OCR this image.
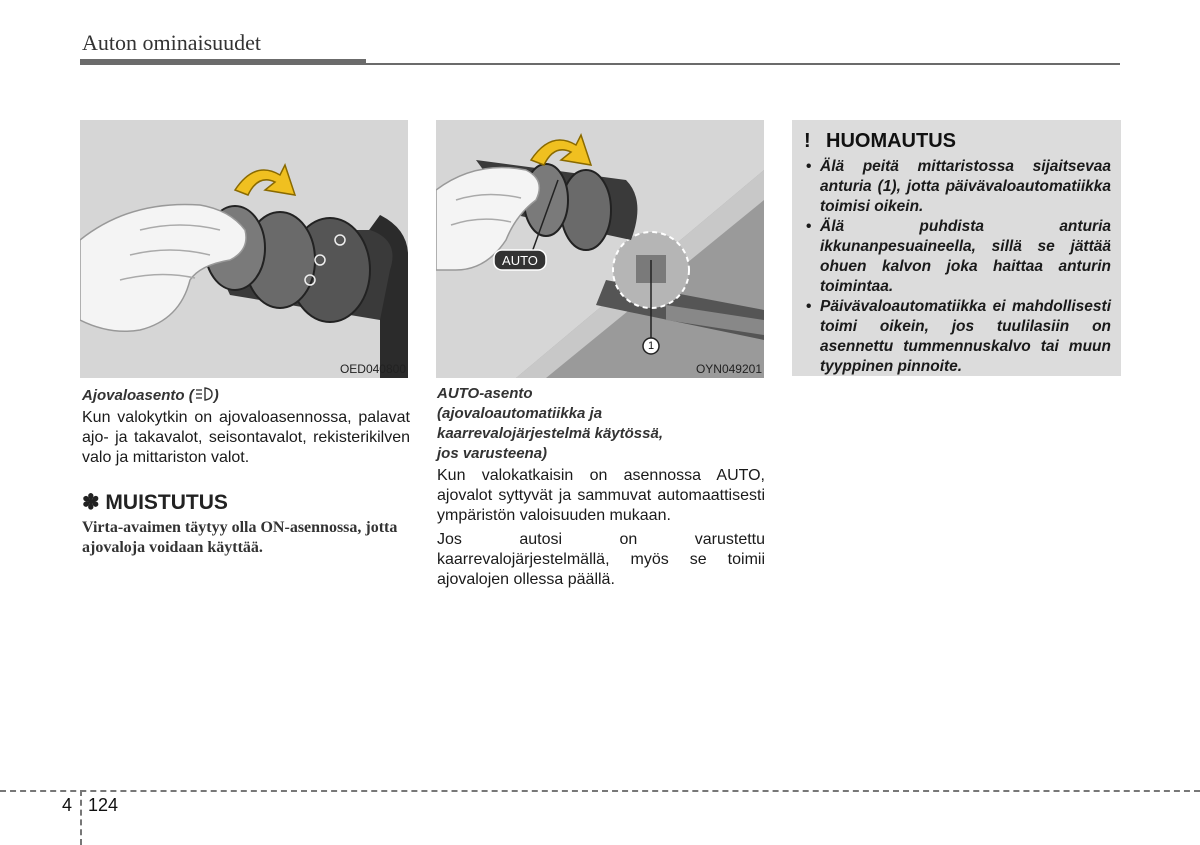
Auton ominaisuudet
OED040800
AUTO
1
OYN049201
Ajovaloasento ( )
Kun valokytkin on ajovaloasennossa, palavat ajo- ja takavalot, seisontavalot, rekisterikilven valo ja mittariston valot.
✽ MUISTUTUS
Virta-avaimen täytyy olla ON-asennossa, jotta ajovaloja voidaan käyttää.
AUTO-asento
(ajovaloautomatiikka ja
kaarrevalojärjestelmä käytössä,
jos varusteena)

Kun valokatkaisin on asennossa AUTO, ajovalot syttyvät ja sammuvat automaattisesti ympäristön valoisuuden mukaan.

Jos autosi on varustettu kaarrevalojärjestelmällä, myös se toimii ajovalojen ollessa päällä.

! HUOMAUTUS
• Älä peitä mittaristossa sijaitsevaa anturia (1), jotta päivävaloautomatiikka toimisi oikein.
• Älä puhdista anturia ikkunanpesuaineella, sillä se jättää ohuen kalvon joka haittaa anturin toimintaa.
• Päivävaloautomatiikka ei mahdollisesti toimi oikein, jos tuulilasiin on asennettu tummennuskalvo tai muun tyyppinen pinnoite.
4 124
